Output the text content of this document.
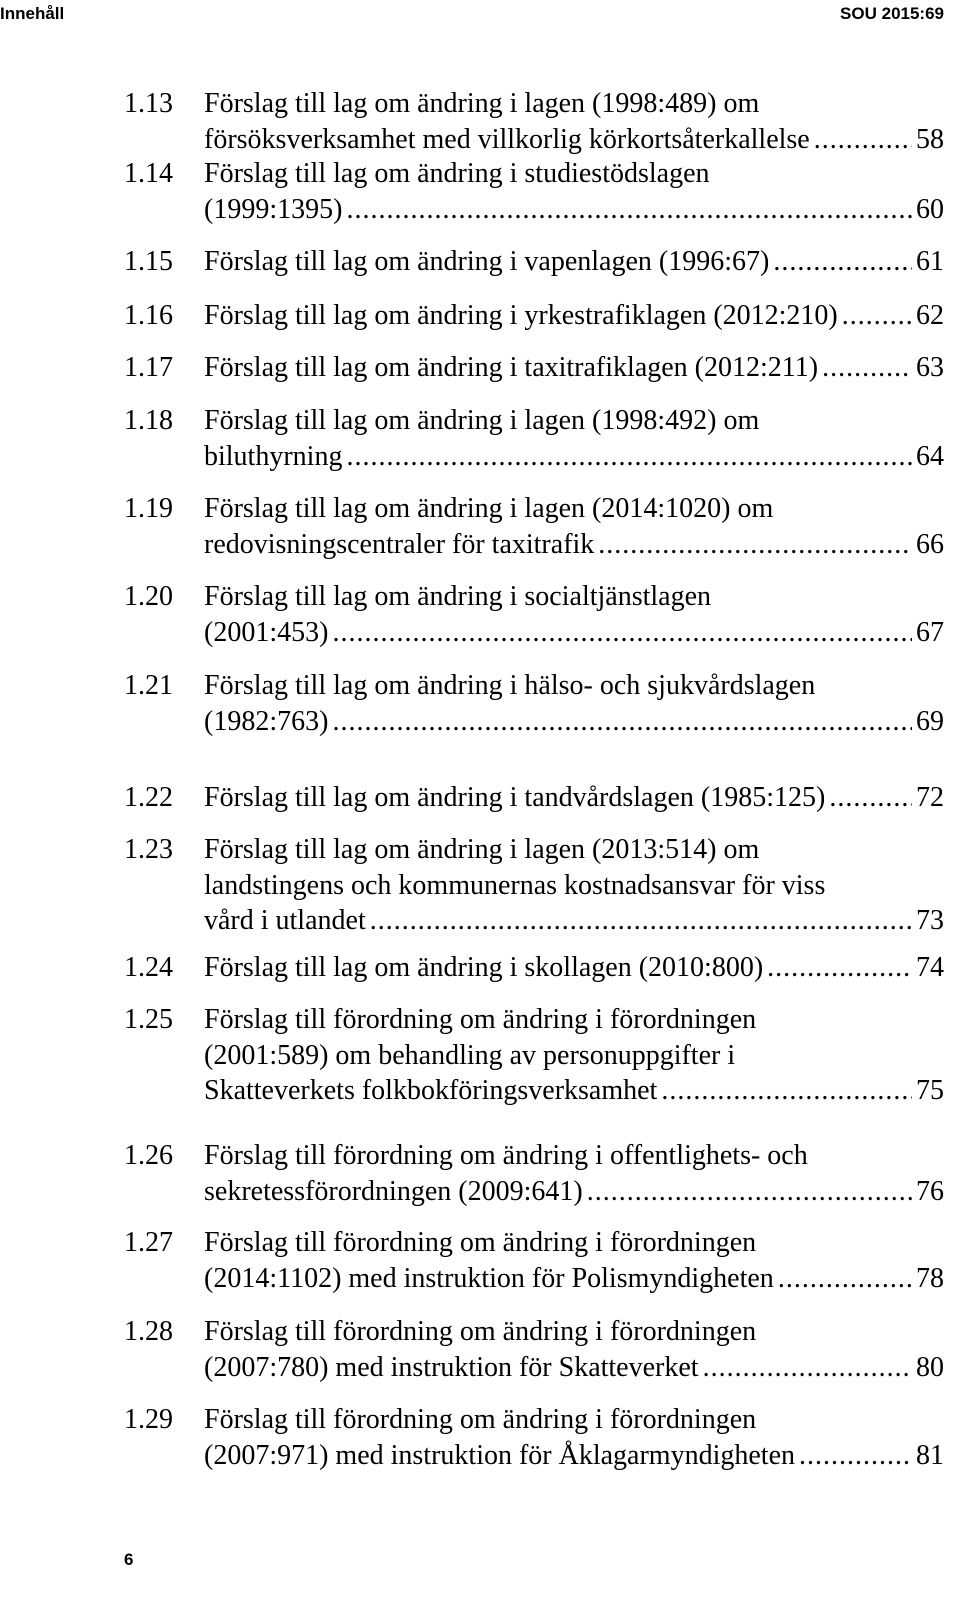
Innehåll	SOU 2015:69
1.13	Förslag till lag om ändring i lagen (1998:489) om
försöksverksamhet med villkorlig körkortsåterkallelse . . .	58
1.14	Förslag till lag om ändring i studiestödslagen
(1999:1395) . . .	60
1.15	Förslag till lag om ändring i vapenlagen (1996:67) . . .	61
1.16	Förslag till lag om ändring i yrkestrafiklagen (2012:210) . . .	62
1.17	Förslag till lag om ändring i taxitrafiklagen (2012:211) . . .	63
1.18	Förslag till lag om ändring i lagen (1998:492) om
biluthyrning . . .	64
1.19	Förslag till lag om ändring i lagen (2014:1020) om
redovisningscentraler för taxitrafik . . .	66
1.20	Förslag till lag om ändring i socialtjänstlagen
(2001:453) . . .	67
1.21	Förslag till lag om ändring i hälso- och sjukvårdslagen
(1982:763) . . .	69
1.22	Förslag till lag om ändring i tandvårdslagen (1985:125) . . .	72
1.23	Förslag till lag om ändring i lagen (2013:514) om
landstingens och kommunernas kostnadsansvar för viss
vård i utlandet . . .	73
1.24	Förslag till lag om ändring i skollagen (2010:800) . . .	74
1.25	Förslag till förordning om ändring i förordningen
(2001:589) om behandling av personuppgifter i
Skatteverkets folkbokföringsverksamhet . . .	75
1.26	Förslag till förordning om ändring i offentlighets- och
sekretessförordningen (2009:641) . . .	76
1.27	Förslag till förordning om ändring i förordningen
(2014:1102) med instruktion för Polismyndigheten . . .	78
1.28	Förslag till förordning om ändring i förordningen
(2007:780) med instruktion för Skatteverket . . .	80
1.29	Förslag till förordning om ändring i förordningen
(2007:971) med instruktion för Åklagarmyndigheten . . .	81
6
